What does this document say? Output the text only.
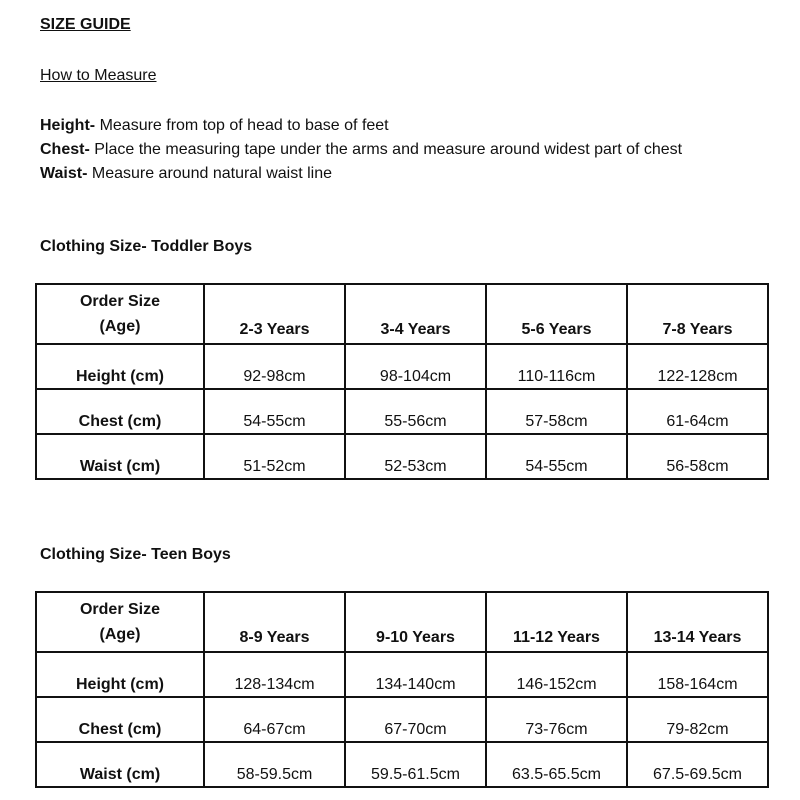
SIZE GUIDE
How to Measure
Height- Measure from top of head to base of feet
Chest- Place the measuring tape under the arms and measure around widest part of chest
Waist- Measure around natural waist line
Clothing Size- Toddler Boys
Order Size
(Age)	2-3 Years	3-4 Years	5-6 Years	7-8 Years
Height (cm)	92-98cm	98-104cm	110-116cm	122-128cm
Chest (cm)	54-55cm	55-56cm	57-58cm	61-64cm
Waist (cm)	51-52cm	52-53cm	54-55cm	56-58cm
Clothing Size- Teen Boys
Order Size
(Age)	8-9 Years	9-10 Years	11-12 Years	13-14 Years
Height (cm)	128-134cm	134-140cm	146-152cm	158-164cm
Chest (cm)	64-67cm	67-70cm	73-76cm	79-82cm
Waist (cm)	58-59.5cm	59.5-61.5cm	63.5-65.5cm	67.5-69.5cm
